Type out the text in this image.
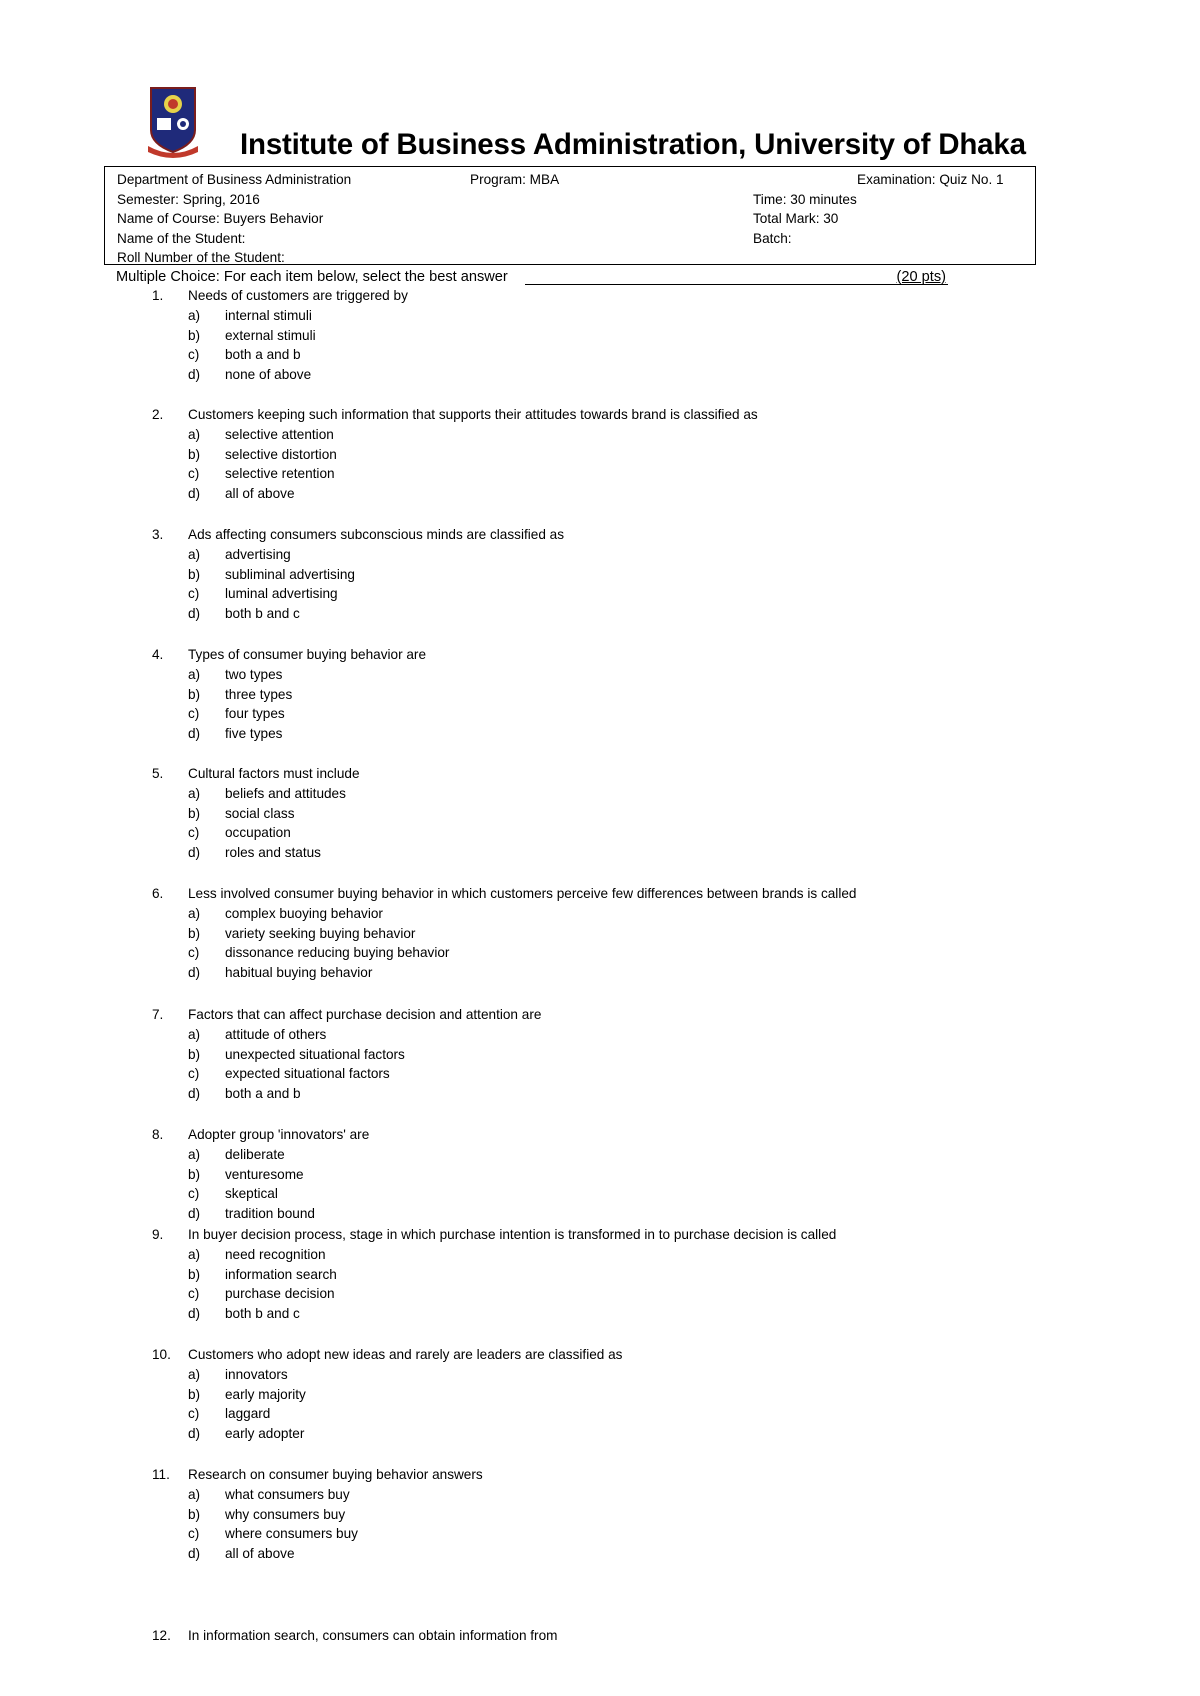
Institute of Business Administration, University of Dhaka
Department of Business Administration	Program: MBA	Examination: Quiz No. 1
Semester: Spring, 2016	Time: 30 minutes
Name of Course: Buyers Behavior	Total Mark: 30
Name of the Student:	Batch:
Roll Number of the Student:
Multiple Choice: For each item below, select the best answer	(20 pts)
1.	Needs of customers are triggered by
a) internal stimuli
b) external stimuli
c) both a and b
d) none of above
2.	Customers keeping such information that supports their attitudes towards brand is classified as
a) selective attention
b) selective distortion
c) selective retention
d) all of above
3.	Ads affecting consumers subconscious minds are classified as
a) advertising
b) subliminal advertising
c) luminal advertising
d) both b and c
4.	Types of consumer buying behavior are
a) two types
b) three types
c) four types
d) five types
5.	Cultural factors must include
a) beliefs and attitudes
b) social class
c) occupation
d) roles and status
6.	Less involved consumer buying behavior in which customers perceive few differences between brands is called
a) complex buoying behavior
b) variety seeking buying behavior
c) dissonance reducing buying behavior
d) habitual buying behavior
7.	Factors that can affect purchase decision and attention are
a) attitude of others
b) unexpected situational factors
c) expected situational factors
d) both a and b
8.	Adopter group 'innovators' are
a) deliberate
b) venturesome
c) skeptical
d) tradition bound
9.	In buyer decision process, stage in which purchase intention is transformed in to purchase decision is called
a) need recognition
b) information search
c) purchase decision
d) both b and c
10.	Customers who adopt new ideas and rarely are leaders are classified as
a) innovators
b) early majority
c) laggard
d) early adopter
11.	Research on consumer buying behavior answers
a) what consumers buy
b) why consumers buy
c) where consumers buy
d) all of above
12.	In information search, consumers can obtain information from
